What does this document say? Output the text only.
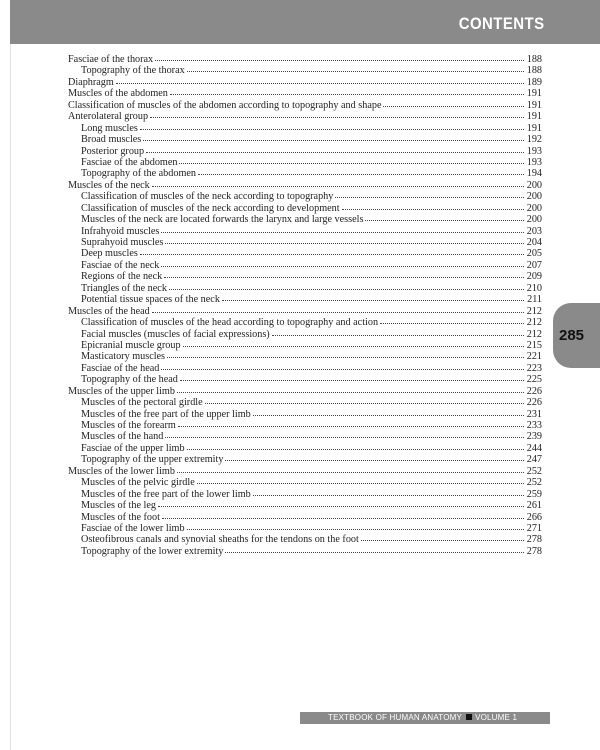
CONTENTS
Fasciae of the thorax	188
Topography of the thorax	188
Diaphragm	189
Muscles of the abdomen	191
Classification of muscles of the abdomen according to topography and shape	191
Anterolateral group	191
Long muscles	191
Broad muscles	192
Posterior group	193
Fasciae of the abdomen	193
Topography of the abdomen	194
Muscles of the neck	200
Classification of muscles of the neck according to topography	200
Classification of muscles of the neck according to development	200
Muscles of the neck are located forwards the larynx and large vessels	200
Infrahyoid muscles	203
Suprahyoid muscles	204
Deep muscles	205
Fasciae of the neck	207
Regions of the neck	209
Triangles of the neck	210
Potential tissue spaces of the neck	211
Muscles of the head	212
Classification of muscles of the head according to topography and action	212
Facial muscles (muscles of facial expressions)	212
Epicranial muscle group	215
Masticatory muscles	221
Fasciae of the head	223
Topography of the head	225
Muscles of the upper limb	226
Muscles of the pectoral girdle	226
Muscles of the free part of the upper limb	231
Muscles of the forearm	233
Muscles of the hand	239
Fasciae of the upper limb	244
Topography of the upper extremity	247
Muscles of the lower limb	252
Muscles of the pelvic girdle	252
Muscles of the free part of the lower limb	259
Muscles of the leg	261
Muscles of the foot	266
Fasciae of the lower limb	271
Osteofibrous canals and synovial sheaths for the tendons on the foot	278
Topography of the lower extremity	278
285
TEXTBOOK OF HUMAN ANATOMY VOLUME 1
